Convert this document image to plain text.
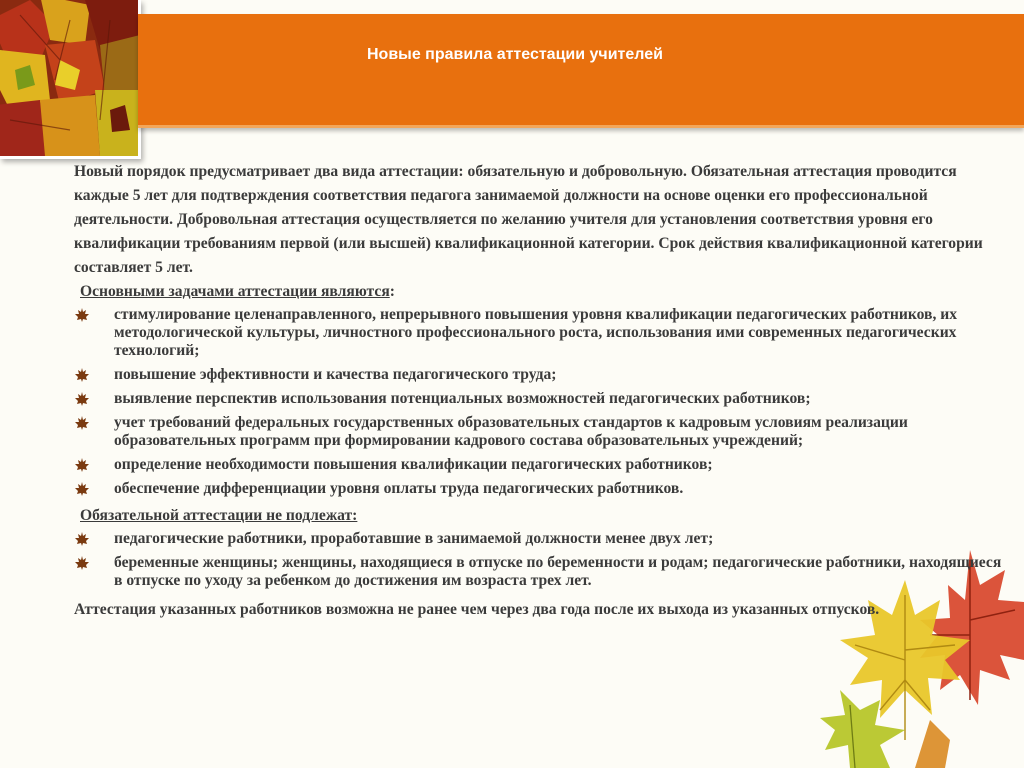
Новые правила аттестации учителей

Новый порядок предусматривает два вида аттестации: обязательную и добровольную. Обязательная аттестация проводится каждые 5 лет для подтверждения соответствия педагога занимаемой должности на основе оценки его профессиональной деятельности. Добровольная аттестация осуществляется по желанию учителя для установления соответствия уровня его квалификации требованиям первой (или высшей) квалификационной категории. Срок действия квалификационной категории составляет 5 лет.

Основными задачами аттестации являются:

стимулирование целенаправленного, непрерывного повышения уровня квалификации педагогических работников, их методологической культуры, личностного профессионального роста, использования ими современных педагогических технологий;
повышение эффективности и качества педагогического труда;
выявление перспектив использования потенциальных возможностей педагогических работников;
учет требований федеральных государственных образовательных стандартов к кадровым условиям реализации образовательных программ при формировании кадрового состава образовательных учреждений;
определение необходимости повышения квалификации педагогических работников;
обеспечение дифференциации уровня оплаты труда педагогических работников.

Обязательной аттестации не подлежат:

педагогические работники, проработавшие в занимаемой должности менее двух лет;
беременные женщины; женщины, находящиеся в отпуске по беременности и родам; педагогические работники, находящиеся в отпуске по уходу за ребенком до достижения им возраста трех лет.

Аттестация указанных работников возможна не ранее чем через два года после их выхода из указанных отпусков.
